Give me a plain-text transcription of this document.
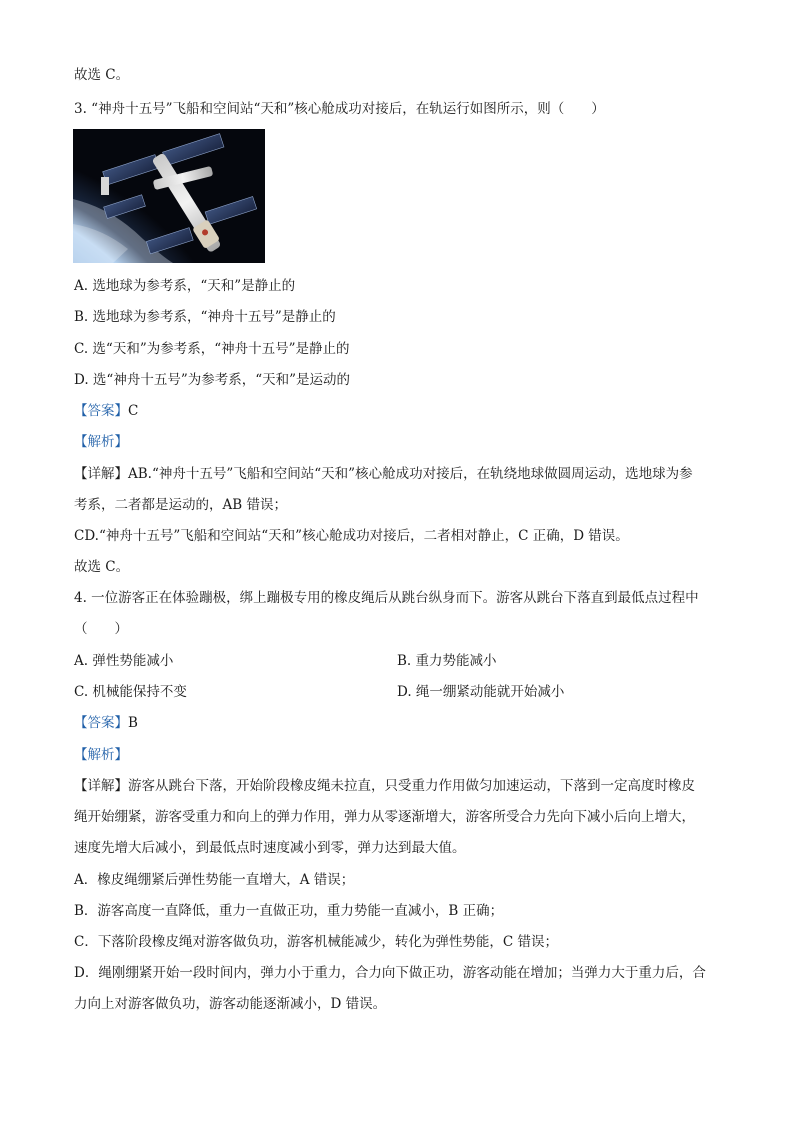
故选 C。
3. “神舟十五号”飞船和空间站“天和”核心舱成功对接后，在轨运行如图所示，则（　　）
A. 选地球为参考系，“天和”是静止的
B. 选地球为参考系，“神舟十五号”是静止的
C. 选“天和”为参考系，“神舟十五号”是静止的
D. 选“神舟十五号”为参考系，“天和”是运动的
【答案】C
【解析】
【详解】AB.“神舟十五号”飞船和空间站“天和”核心舱成功对接后，在轨绕地球做圆周运动，选地球为参
考系，二者都是运动的，AB 错误；
CD.“神舟十五号”飞船和空间站“天和”核心舱成功对接后，二者相对静止，C 正确，D 错误。
故选 C。
4. 一位游客正在体验蹦极，绑上蹦极专用的橡皮绳后从跳台纵身而下。游客从跳台下落直到最低点过程中
（　　）
A. 弹性势能减小	B. 重力势能减小
C. 机械能保持不变	D. 绳一绷紧动能就开始减小
【答案】B
【解析】
【详解】游客从跳台下落，开始阶段橡皮绳未拉直，只受重力作用做匀加速运动，下落到一定高度时橡皮
绳开始绷紧，游客受重力和向上的弹力作用，弹力从零逐渐增大，游客所受合力先向下减小后向上增大，
速度先增大后减小，到最低点时速度减小到零，弹力达到最大值。
A．橡皮绳绷紧后弹性势能一直增大，A 错误；
B．游客高度一直降低，重力一直做正功，重力势能一直减小，B 正确；
C．下落阶段橡皮绳对游客做负功，游客机械能减少，转化为弹性势能，C 错误；
D．绳刚绷紧开始一段时间内，弹力小于重力，合力向下做正功，游客动能在增加；当弹力大于重力后，合
力向上对游客做负功，游客动能逐渐减小，D 错误。
